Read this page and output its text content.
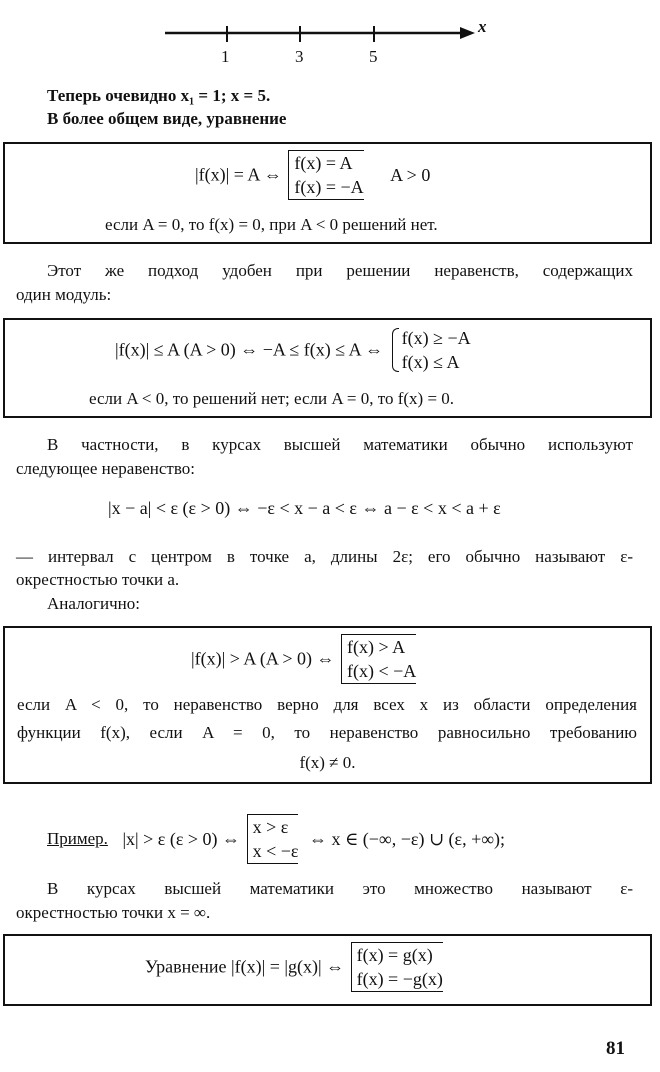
1	3	5
x
Теперь очевидно x₁ = 1; x = 5.
В более общем виде, уравнение
|f(x)| = A ⇔ f(x) = A
f(x) = −A A > 0
если A = 0, то f(x) = 0, при A < 0 решений нет.
Этот же подход удобен при решении неравенств, содержащих
один модуль:
|f(x)| ≤ A (A > 0) ⇔ −A ≤ f(x) ≤ A ⇔ f(x) ≥ −A
f(x) ≤ A
если A < 0, то решений нет; если A = 0, то f(x) = 0.
В частности, в курсах высшей математики обычно используют
следующее неравенство:
|x − a| < ε (ε > 0) ⇔ −ε < x − a < ε ⇔ a − ε < x < a + ε
— интервал с центром в точке a, длины 2ε; его обычно называют ε-
окрестностью точки a.
Аналогично:
|f(x)| > A (A > 0) ⇔ f(x) > A
f(x) < −A
если A < 0, то неравенство верно для всех x из области определения
функции f(x), если A = 0, то неравенство равносильно требованию
f(x) ≠ 0.
Пример. |x| > ε (ε > 0) ⇔ x > ε
x < −ε ⇔ x ∈ (−∞, −ε) ∪ (ε, +∞);
В курсах высшей математики это множество называют ε-
окрестностью точки x = ∞.
Уравнение |f(x)| = |g(x)| ⇔ f(x) = g(x)
f(x) = −g(x)
81
